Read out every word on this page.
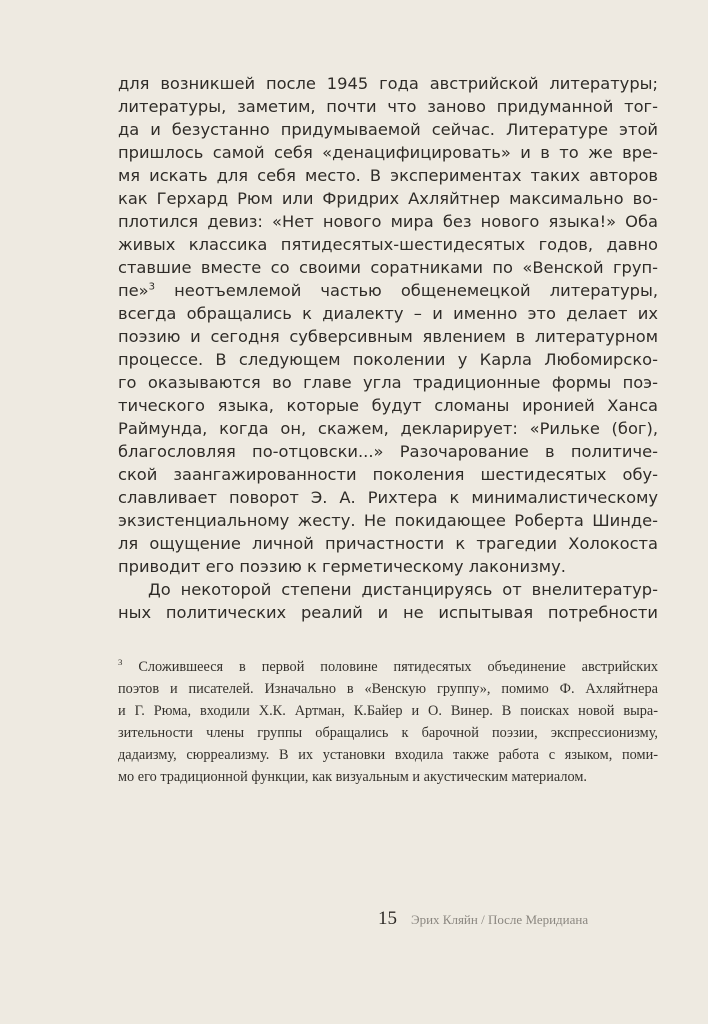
для возникшей после 1945 года австрийской литературы;
литературы, заметим, почти что заново придуманной тог-
да и безустанно придумываемой сейчас. Литературе этой
пришлось самой себя «денацифицировать» и в то же вре-
мя искать для себя место. В экспериментах таких авторов
как Герхард Рюм или Фридрих Ахляйтнер максимально во-
плотился девиз: «Нет нового мира без нового языка!» Оба
живых классика пятидесятых-шестидесятых годов, давно
ставшие вместе со своими соратниками по «Венской груп-
пе»$^3$ неотъемлемой частью общенемецкой литературы,
всегда обращались к диалекту – и именно это делает их
поэзию и сегодня субверсивным явлением в литературном
процессе. В следующем поколении у Карла Любомирско-
го оказываются во главе угла традиционные формы поэ-
тического языка, которые будут сломаны иронией Ханса
Раймунда, когда он, скажем, декларирует: «Рильке (бог),
благословляя по-отцовски...» Разочарование в политиче-
ской заангажированности поколения шестидесятых обу-
славливает поворот Э. А. Рихтера к минималистическому
экзистенциальному жесту. Не покидающее Роберта Шинде-
ля ощущение личной причастности к трагедии Холокоста
приводит его поэзию к герметическому лаконизму.
До некоторой степени дистанцируясь от внелитератур-
ных политических реалий и не испытывая потребности
$^3$ Сложившееся в первой половине пятидесятых объединение австрийских
поэтов и писателей. Изначально в «Венскую группу», помимо Ф. Ахляйтнера
и Г. Рюма, входили Х.К. Артман, К.Байер и О. Винер. В поисках новой выра-
зительности члены группы обращались к барочной поэзии, экспрессионизму,
дадаизму, сюрреализму. В их установки входила также работа с языком, поми-
мо его традиционной функции, как визуальным и акустическим материалом.
15 Эрих Кляйн / После Меридиана
